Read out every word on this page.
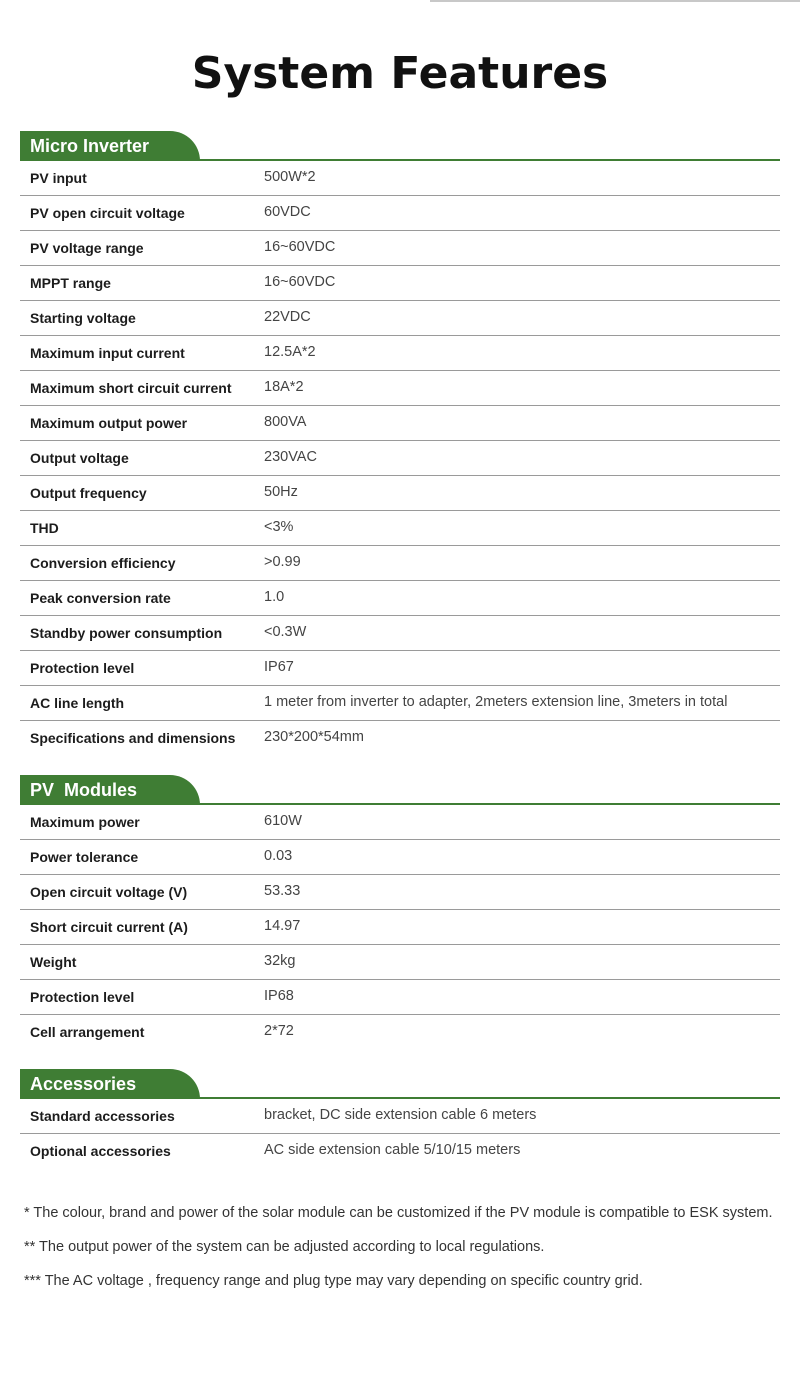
System Features
Micro Inverter
PV input	500W*2
PV open circuit voltage	60VDC
PV voltage range	16~60VDC
MPPT range	16~60VDC
Starting voltage	22VDC
Maximum input current	12.5A*2
Maximum short circuit current 18A*2
Maximum output power	800VA
Output voltage	230VAC
Output frequency	50Hz
THD	<3%
Conversion efficiency	>0.99
Peak conversion rate	1.0
Standby power consumption	<0.3W
Protection level	IP67
AC line length	1 meter from inverter to adapter, 2meters extension line, 3meters in total
Specifications and dimensions 230*200*54mm
PV  Modules
Maximum power	610W
Power tolerance	0.03
Open circuit voltage (V)	53.33
Short circuit current (A)	14.97
Weight	32kg
Protection level	IP68
Cell arrangement	2*72
Accessories
Standard accessories	bracket, DC side extension cable 6 meters
Optional accessories	AC side extension cable 5/10/15 meters

* The colour, brand and power of the solar module can be customized if the PV module is compatible to ESK system.

** The output power of the system can be adjusted according to local regulations.

*** The AC voltage , frequency range and plug type may vary depending on specific country grid.
